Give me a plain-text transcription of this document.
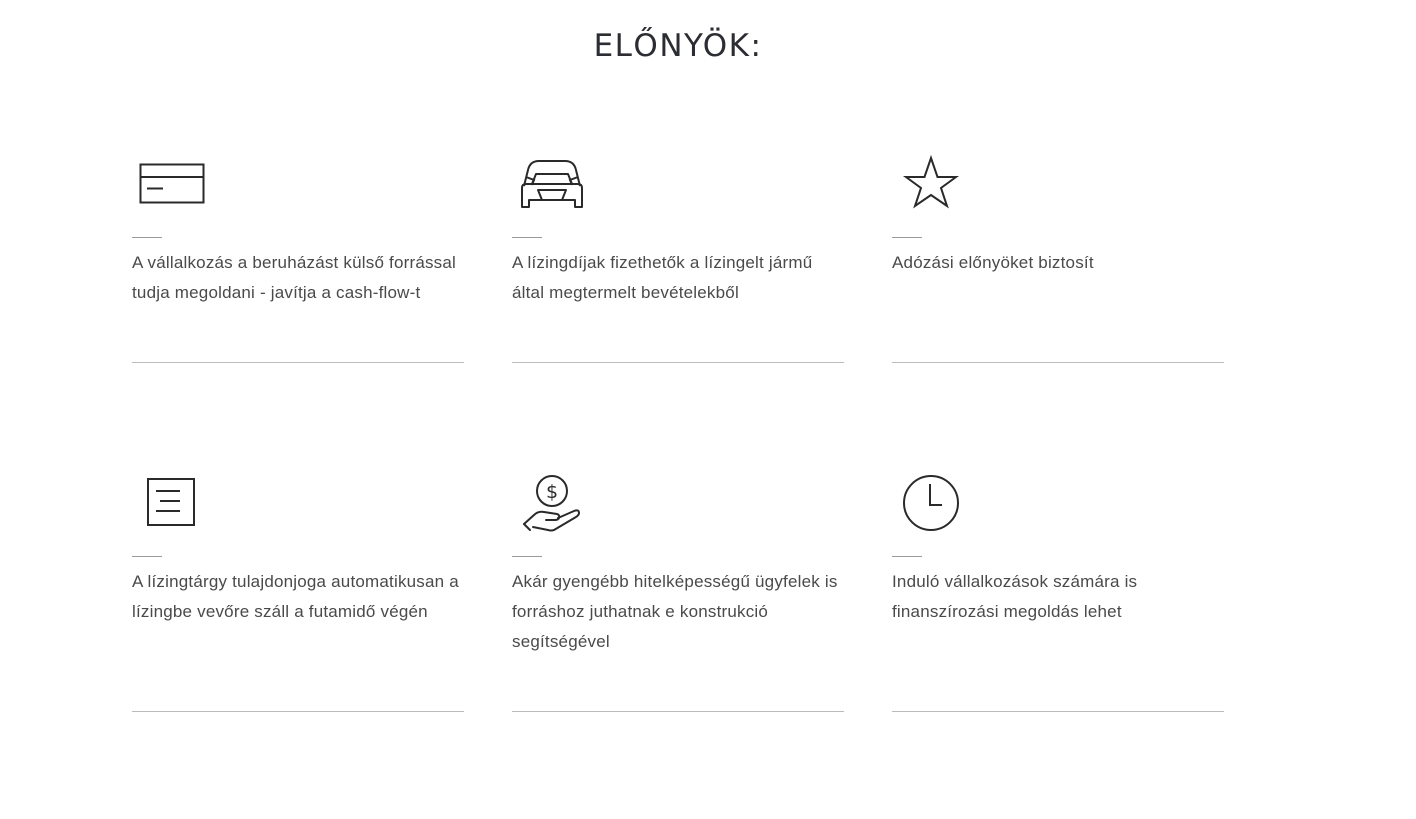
ELŐNYÖK:

A vállalkozás a beruházást külső forrással tudja megoldani - javítja a cash-flow-t

A lízingdíjak fizethetők a lízingelt jármű által megtermelt bevételekből

Adózási előnyöket biztosít

A lízingtárgy tulajdonjoga automatikusan a lízingbe vevőre száll a futamidő végén

$

Akár gyengébb hitelképességű ügyfelek is forráshoz juthatnak e konstrukció segítségével

Induló vállalkozások számára is finanszírozási megoldás lehet
